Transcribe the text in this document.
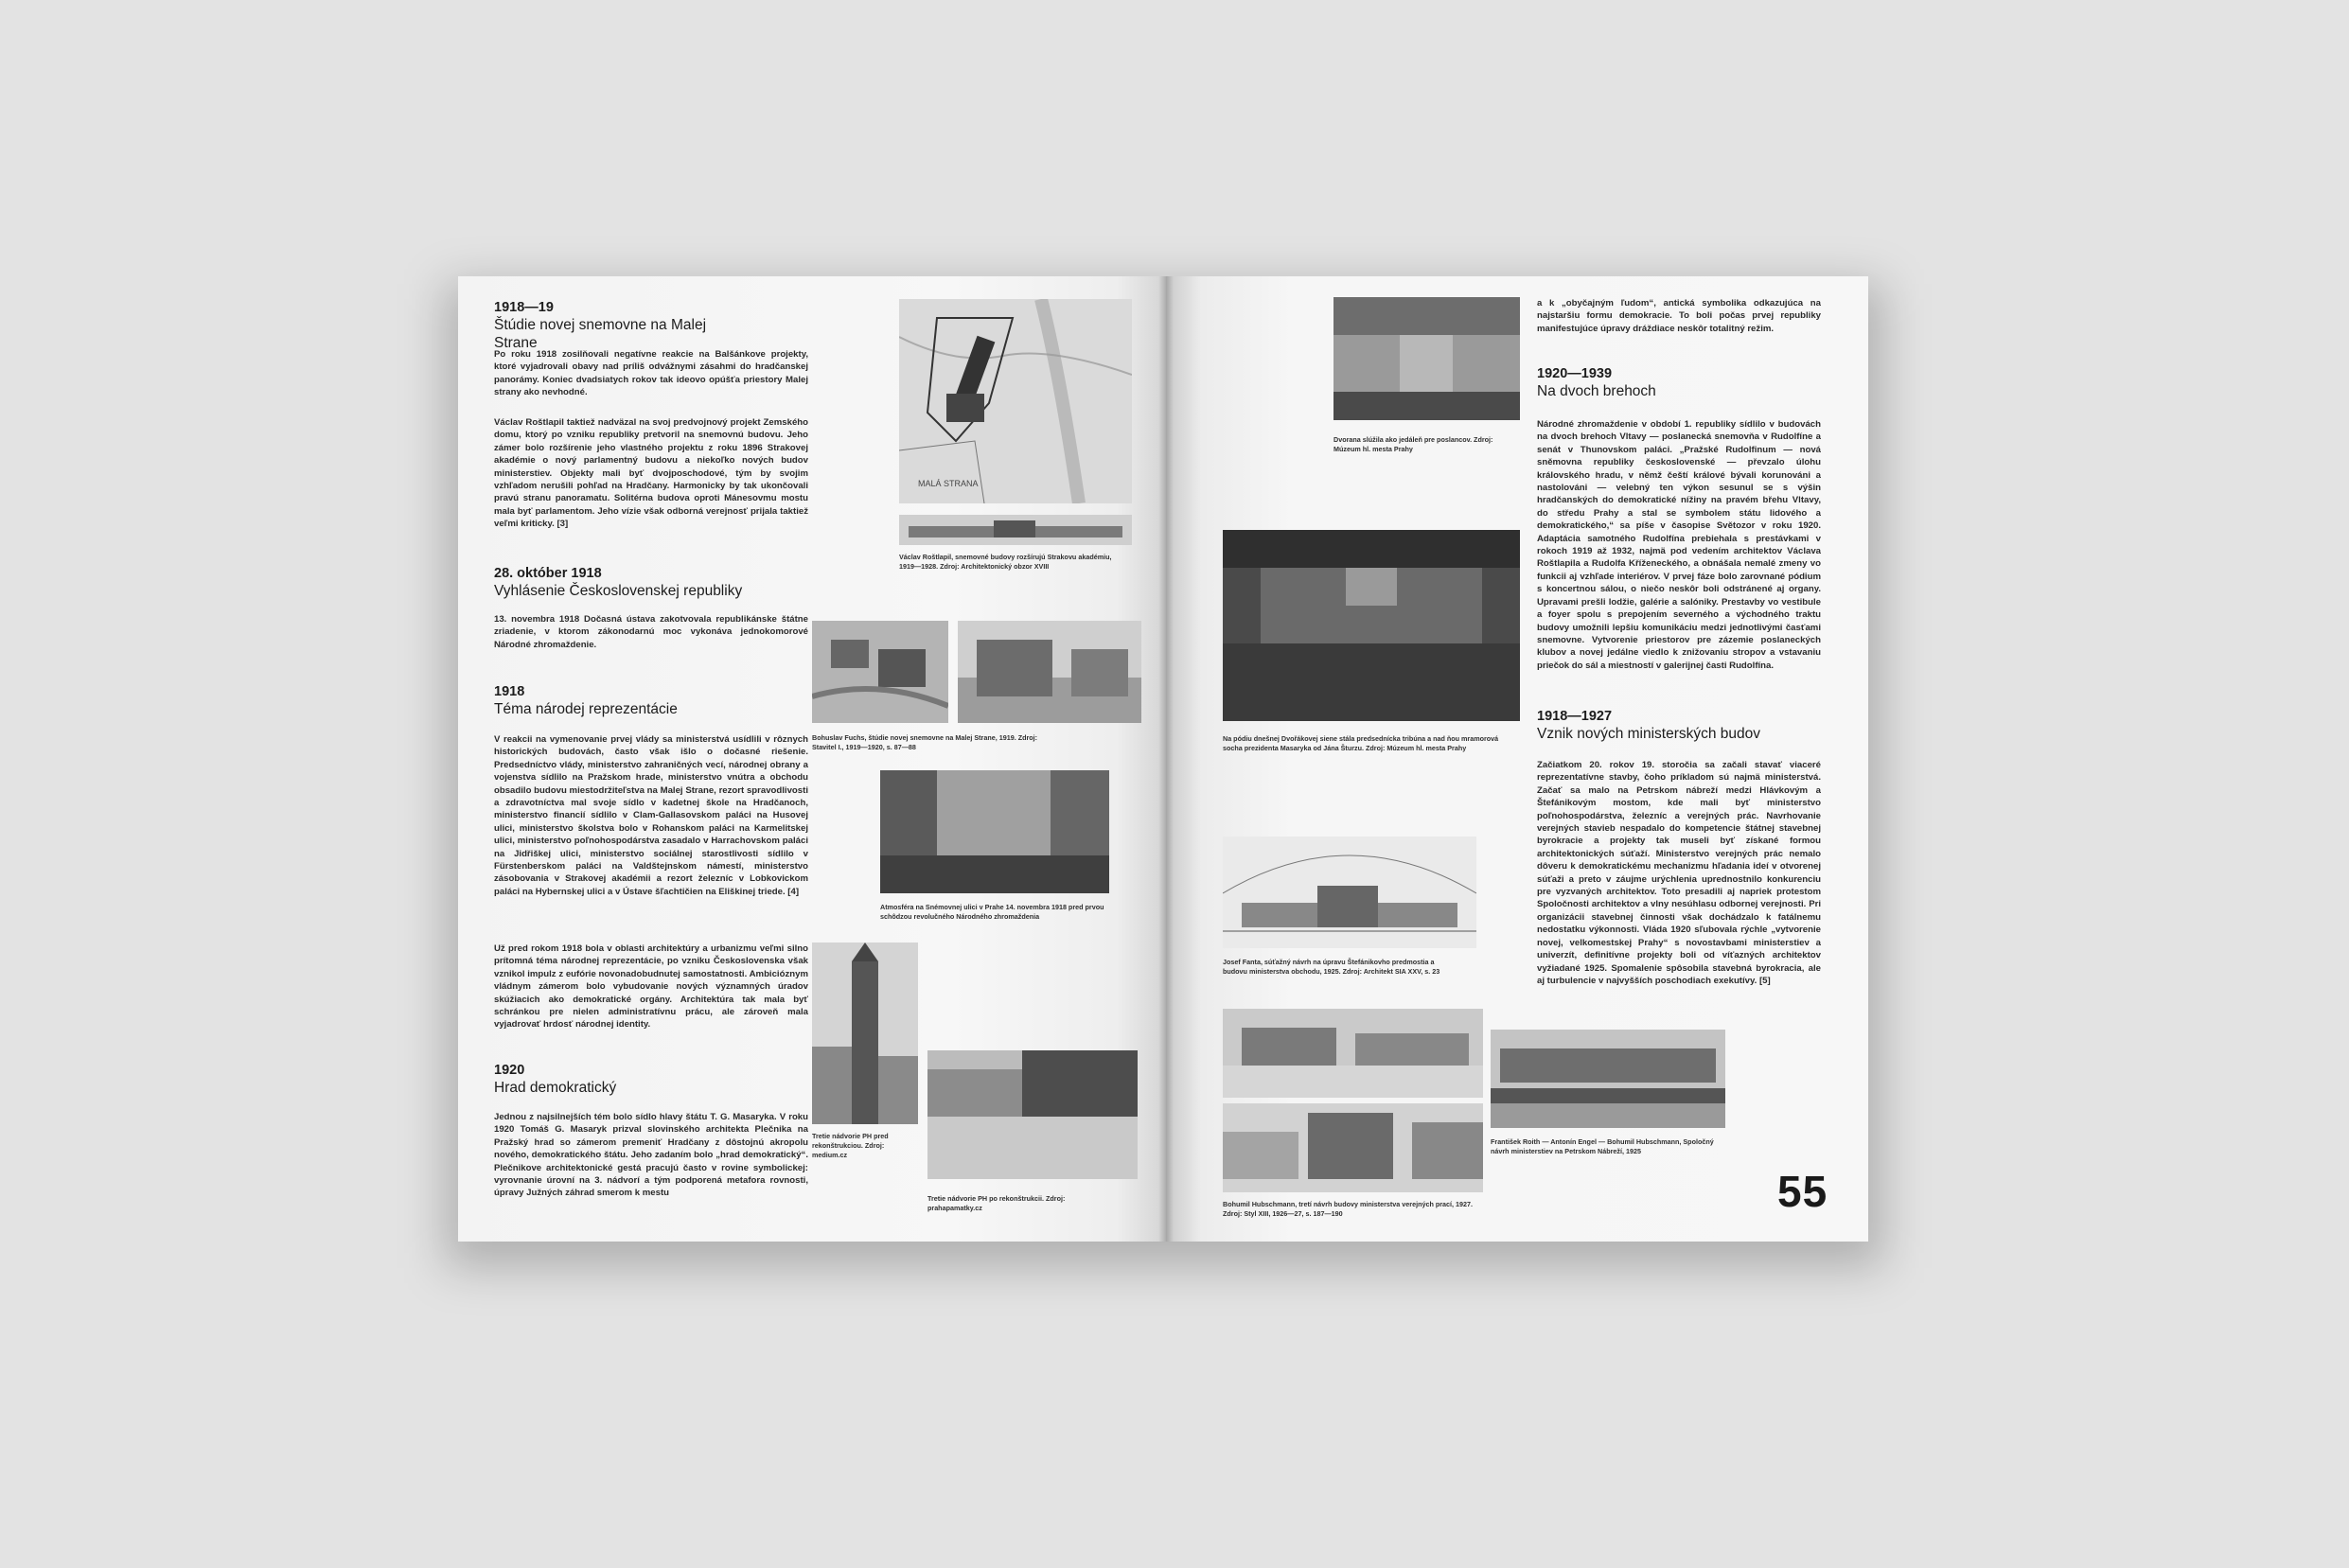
1918—19
Štúdie novej snemovne na Malej Strane

Po roku 1918 zosilňovali negatívne reakcie na Balšánkove projekty, ktoré vyjadrovali obavy nad príliš odvážnymi zásahmi do hradčanskej panorámy. Koniec dvadsiatych rokov tak ideovo opúšťa priestory Malej strany ako nevhodné.

Václav Roštlapil taktiež nadväzal na svoj predvojnový projekt Zemského domu, ktorý po vzniku republiky pretvoril na snemovnú budovu. Jeho zámer bolo rozšírenie jeho vlastného projektu z roku 1896 Strakovej akadémie o nový parlamentný budovu a niekoľko nových budov ministerstiev. Objekty mali byť dvojposchodové, tým by svojim vzhľadom nerušili pohľad na Hradčany. Harmonicky by tak ukončovali pravú stranu panoramatu. Solitérna budova oproti Mánesovmu mostu mala byť parlamentom. Jeho vízie však odborná verejnosť prijala taktiež veľmi kriticky. [3]

28. október 1918
Vyhlásenie Československej republiky

13. novembra 1918 Dočasná ústava zakotvovala republikánske štátne zriadenie, v ktorom zákonodarnú moc vykonáva jednokomorové Národné zhromaždenie.

1918
Téma národej reprezentácie

V reakcii na vymenovanie prvej vlády sa ministerstvá usídlili v rôznych historických budovách, často však išlo o dočasné riešenie. Predsedníctvo vlády, ministerstvo zahraničných vecí, národnej obrany a vojenstva sídlilo na Pražskom hrade, ministerstvo vnútra a obchodu obsadilo budovu miestodržiteľstva na Malej Strane, rezort spravodlivosti a zdravotníctva mal svoje sídlo v kadetnej škole na Hradčanoch, ministerstvo financií sídlilo v Clam-Gallasovskom paláci na Husovej ulici, ministerstvo školstva bolo v Rohanskom paláci na Karmelitskej ulici, ministerstvo poľnohospodárstva zasadalo v Harrachovskom paláci na Jidřiškej ulici, ministerstvo sociálnej starostlivosti sídlilo v Fürstenberskom paláci na Valdštejnskom námestí, ministerstvo zásobovania v Strakovej akadémii a rezort železníc v Lobkovickom paláci na Hybernskej ulici a v Ústave šľachtičien na Eliškinej triede. [4]

Už pred rokom 1918 bola v oblasti architektúry a urbanizmu veľmi silno prítomná téma národnej reprezentácie, po vzniku Československa však vznikol impulz z eufórie novonadobudnutej samostatnosti. Ambicióznym vládnym zámerom bolo vybudovanie nových významných úradov skúžiacich ako demokratické orgány. Architektúra tak mala byť schránkou pre nielen administratívnu prácu, ale zároveň mala vyjadrovať hrdosť národnej identity.

1920
Hrad demokratický

Jednou z najsilnejších tém bolo sídlo hlavy štátu T. G. Masaryka. V roku 1920 Tomáš G. Masaryk prizval slovinského architekta Plečnika na Pražský hrad so zámerom premeniť Hradčany z dôstojnú akropolu nového, demokratického štátu. Jeho zadaním bolo „hrad demokratický“. Plečnikove architektonické gestá pracujú často v rovine symbolickej: vyrovnanie úrovní na 3. nádvorí a tým podporená metafora rovnosti, úpravy Južných záhrad smerom k mestu

MALÁ STRANA

Václav Roštlapil, snemovné budovy rozšírujú Strakovu akadémiu, 1919—1928. Zdroj: Architektonický obzor XVIII

Bohuslav Fuchs, štúdie novej snemovne na Malej Strane, 1919. Zdroj: Stavitel I., 1919—1920, s. 87—88

Atmosféra na Snémovnej ulici v Prahe 14. novembra 1918 pred prvou schôdzou revolučného Národného zhromaždenia

Tretie nádvorie PH pred rekonštrukciou. Zdroj: medium.cz

Tretie nádvorie PH po rekonštrukcii. Zdroj: prahapamatky.cz

Dvorana slúžila ako jedáleň pre poslancov. Zdroj: Múzeum hl. mesta Prahy

Na pódiu dnešnej Dvořákovej siene stála predsednícka tribúna a nad ňou mramorová socha prezidenta Masaryka od Jána Šturzu. Zdroj: Múzeum hl. mesta Prahy

Josef Fanta, súťažný návrh na úpravu Štefánikovho predmostia a budovu ministerstva obchodu, 1925. Zdroj: Architekt SIA XXV, s. 23

Bohumil Hubschmann, tretí návrh budovy ministerstva verejných prací, 1927. Zdroj: Styl XIII, 1926—27, s. 187—190

František Roith — Antonín Engel — Bohumil Hubschmann, Spoločný návrh ministerstiev na Petrskom Nábreží, 1925

a k „obyčajným ľudom“, antická symbolika odkazujúca na najstaršiu formu demokracie. To boli počas prvej republiky manifestujúce úpravy dráždiace neskôr totalitný režim.

1920—1939
Na dvoch brehoch

Národné zhromaždenie v období 1. republiky sídlilo v budovách na dvoch brehoch Vltavy — poslanecká snemovňa v Rudolfíne a senát v Thunovskom paláci. „Pražské Rudolfinum — nová sněmovna republiky československé — převzalo úlohu královského hradu, v němž čeští králové bývali korunováni a nastolováni — velebný ten výkon sesunul se s výšin hradčanských do demokratické nížiny na pravém břehu Vltavy, do středu Prahy a stal se symbolem státu lidového a demokratického,“ sa píše v časopise Světozor v roku 1920. Adaptácia samotného Rudolfína prebiehala s prestávkami v rokoch 1919 až 1932, najmä pod vedením architektov Václava Roštlapila a Rudolfa Kříženeckého, a obnášala nemalé zmeny vo funkcii aj vzhľade interiérov. V prvej fáze bolo zarovnané pódium s koncertnou sálou, o niečo neskôr boli odstránené aj organy. Upravami prešli lodžie, galérie a salóniky. Prestavby vo vestibule a foyer spolu s prepojením severného a východného traktu budovy umožnili lepšiu komunikáciu medzi jednotlivými časťami snemovne. Vytvorenie priestorov pre zázemie poslaneckých klubov a novej jedálne viedlo k znižovaniu stropov a vstavaniu priečok do sál a miestností v galerijnej časti Rudolfína.

1918—1927
Vznik nových ministerských budov

Začiatkom 20. rokov 19. storočia sa začali stavať viaceré reprezentatívne stavby, čoho príkladom sú najmä ministerstvá. Začať sa malo na Petrskom nábreží medzi Hlávkovým a Štefánikovým mostom, kde mali byť ministerstvo poľnohospodárstva, železníc a verejných prác. Navrhovanie verejných stavieb nespadalo do kompetencie štátnej stavebnej byrokracie a projekty tak museli byť získané formou architektonických súťaží. Ministerstvo verejných prác nemalo dôveru k demokratickému mechanizmu hľadania ideí v otvorenej súťaži a preto v záujme urýchlenia uprednostnilo konkurenciu pre vyzvaných architektov. Toto presadili aj napriek protestom Spoločnosti architektov a vlny nesúhlasu odbornej verejnosti. Pri organizácii stavebnej činnosti však dochádzalo k fatálnemu nedostatku výkonnosti. Vláda 1920 sľubovala rýchle „vytvorenie novej, velkomestskej Prahy“ s novostavbami ministerstiev a univerzít, definitívne projekty boli od víťazných architektov vyžiadané 1925. Spomalenie spôsobila stavebná byrokracia, ale aj turbulencie v najvyšších poschodiach exekutívy. [5]

55
